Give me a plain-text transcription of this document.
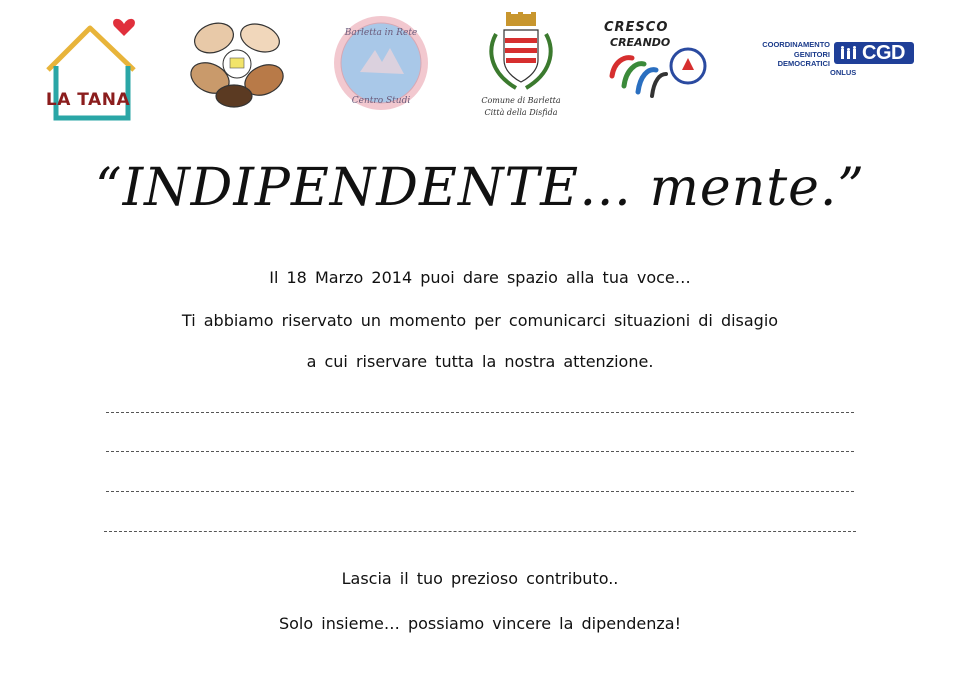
LA TANA
Barletta in Rete
Centro Studi	Comune di Barletta
Città della Disfida
CRESCO
CREANDO	COORDINAMENTO
GENITORI
DEMOCRATICI CGD
ONLUS
“INDIPENDENTE… mente.”
Il 18 Marzo 2014 puoi dare spazio alla tua voce…
Ti abbiamo riservato un momento per comunicarci situazioni di disagio
a cui riservare tutta la nostra attenzione.
Lascia il tuo prezioso contributo..
Solo insieme… possiamo vincere la dipendenza!
